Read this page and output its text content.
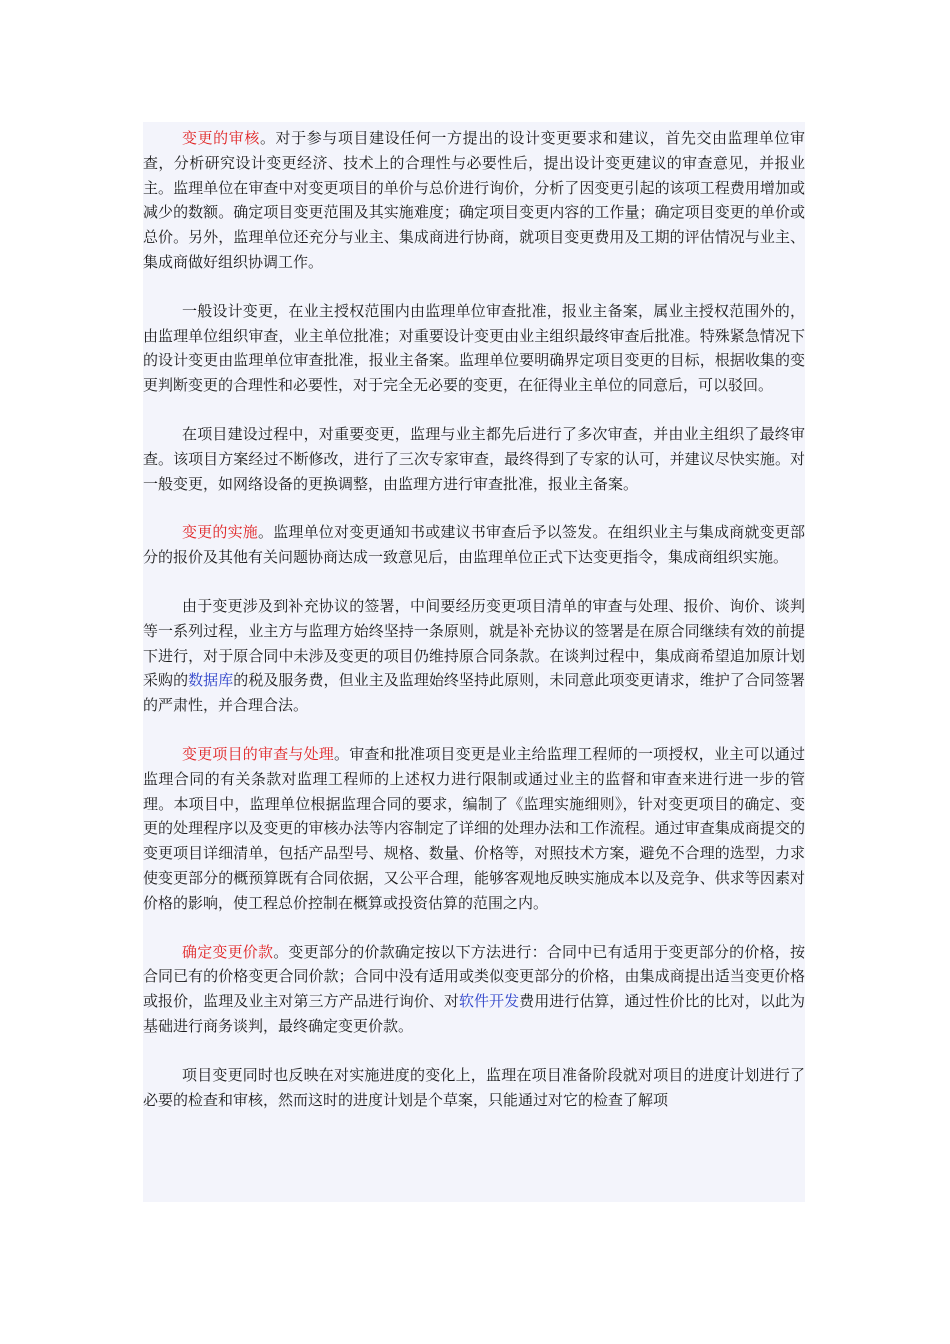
变更的审核。对于参与项目建设任何一方提出的设计变更要求和建议，首先交由监理单位审查，分析研究设计变更经济、技术上的合理性与必要性后，提出设计变更建议的审查意见，并报业主。监理单位在审查中对变更项目的单价与总价进行询价，分析了因变更引起的该项工程费用增加或减少的数额。确定项目变更范围及其实施难度；确定项目变更内容的工作量；确定项目变更的单价或总价。另外，监理单位还充分与业主、集成商进行协商，就项目变更费用及工期的评估情况与业主、集成商做好组织协调工作。

一般设计变更，在业主授权范围内由监理单位审查批准，报业主备案，属业主授权范围外的，由监理单位组织审查，业主单位批准；对重要设计变更由业主组织最终审查后批准。特殊紧急情况下的设计变更由监理单位审查批准，报业主备案。监理单位要明确界定项目变更的目标，根据收集的变更判断变更的合理性和必要性，对于完全无必要的变更，在征得业主单位的同意后，可以驳回。

在项目建设过程中，对重要变更，监理与业主都先后进行了多次审查，并由业主组织了最终审查。该项目方案经过不断修改，进行了三次专家审查，最终得到了专家的认可，并建议尽快实施。对一般变更，如网络设备的更换调整，由监理方进行审查批准，报业主备案。

变更的实施。监理单位对变更通知书或建议书审查后予以签发。在组织业主与集成商就变更部分的报价及其他有关问题协商达成一致意见后，由监理单位正式下达变更指令，集成商组织实施。

由于变更涉及到补充协议的签署，中间要经历变更项目清单的审查与处理、报价、询价、谈判等一系列过程，业主方与监理方始终坚持一条原则，就是补充协议的签署是在原合同继续有效的前提下进行，对于原合同中未涉及变更的项目仍维持原合同条款。在谈判过程中，集成商希望追加原计划采购的数据库的税及服务费，但业主及监理始终坚持此原则，未同意此项变更请求，维护了合同签署的严肃性，并合理合法。

变更项目的审查与处理。审查和批准项目变更是业主给监理工程师的一项授权，业主可以通过监理合同的有关条款对监理工程师的上述权力进行限制或通过业主的监督和审查来进行进一步的管理。本项目中，监理单位根据监理合同的要求，编制了《监理实施细则》，针对变更项目的确定、变更的处理程序以及变更的审核办法等内容制定了详细的处理办法和工作流程。通过审查集成商提交的变更项目详细清单，包括产品型号、规格、数量、价格等，对照技术方案，避免不合理的选型，力求使变更部分的概预算既有合同依据，又公平合理，能够客观地反映实施成本以及竞争、供求等因素对价格的影响，使工程总价控制在概算或投资估算的范围之内。

确定变更价款。变更部分的价款确定按以下方法进行：合同中已有适用于变更部分的价格，按合同已有的价格变更合同价款；合同中没有适用或类似变更部分的价格，由集成商提出适当变更价格或报价，监理及业主对第三方产品进行询价、对软件开发费用进行估算，通过性价比的比对，以此为基础进行商务谈判，最终确定变更价款。

项目变更同时也反映在对实施进度的变化上，监理在项目准备阶段就对项目的进度计划进行了必要的检查和审核，然而这时的进度计划是个草案，只能通过对它的检查了解项
